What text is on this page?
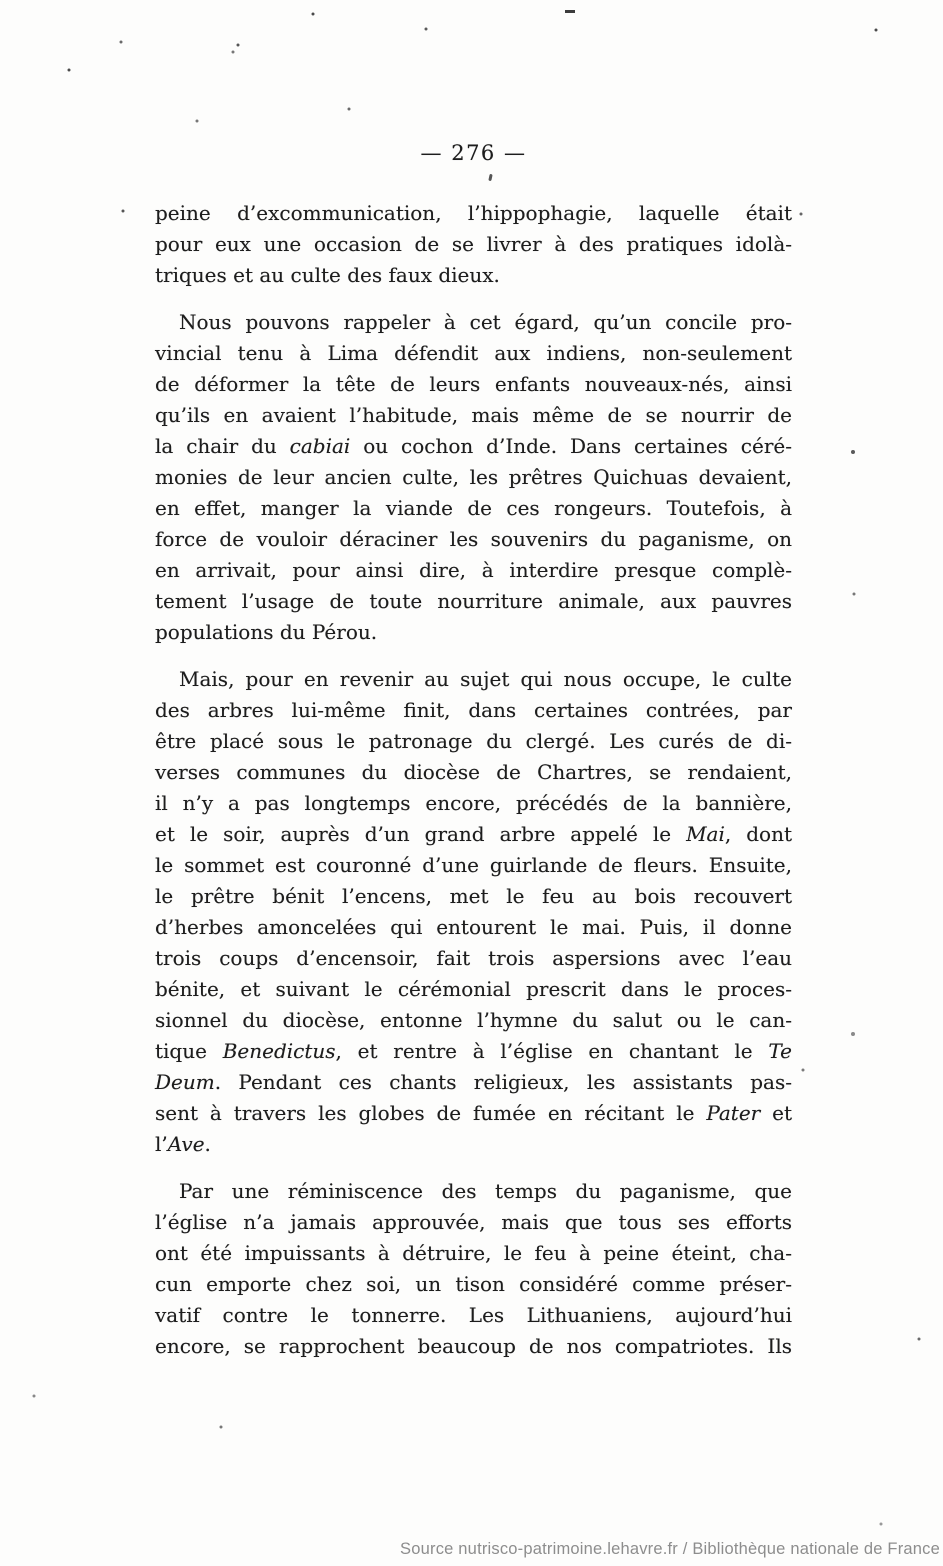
— 276 —
peine d’excommunication, l’hippophagie, laquelle était
pour eux une occasion de se livrer à des pratiques idolà-
triques et au culte des faux dieux.
Nous pouvons rappeler à cet égard, qu’un concile pro-
vincial tenu à Lima défendit aux indiens, non-seulement
de déformer la tête de leurs enfants nouveaux-nés, ainsi
qu’ils en avaient l’habitude, mais même de se nourrir de
la chair du cabiai ou cochon d’Inde. Dans certaines céré-
monies de leur ancien culte, les prêtres Quichuas devaient,
en effet, manger la viande de ces rongeurs. Toutefois, à
force de vouloir déraciner les souvenirs du paganisme, on
en arrivait, pour ainsi dire, à interdire presque complè-
tement l’usage de toute nourriture animale, aux pauvres
populations du Pérou.
Mais, pour en revenir au sujet qui nous occupe, le culte
des arbres lui-même finit, dans certaines contrées, par
être placé sous le patronage du clergé. Les curés de di-
verses communes du diocèse de Chartres, se rendaient,
il n’y a pas longtemps encore, précédés de la bannière,
et le soir, auprès d’un grand arbre appelé le Mai, dont
le sommet est couronné d’une guirlande de fleurs. Ensuite,
le prêtre bénit l’encens, met le feu au bois recouvert
d’herbes amoncelées qui entourent le mai. Puis, il donne
trois coups d’encensoir, fait trois aspersions avec l’eau
bénite, et suivant le cérémonial prescrit dans le proces-
sionnel du diocèse, entonne l’hymne du salut ou le can-
tique Benedictus, et rentre à l’église en chantant le Te
Deum. Pendant ces chants religieux, les assistants pas-
sent à travers les globes de fumée en récitant le Pater et
l’Ave.
Par une réminiscence des temps du paganisme, que
l’église n’a jamais approuvée, mais que tous ses efforts
ont été impuissants à détruire, le feu à peine éteint, cha-
cun emporte chez soi, un tison considéré comme préser-
vatif contre le tonnerre. Les Lithuaniens, aujourd’hui
encore, se rapprochent beaucoup de nos compatriotes. Ils
Source nutrisco-patrimoine.lehavre.fr / Bibliothèque nationale de France
